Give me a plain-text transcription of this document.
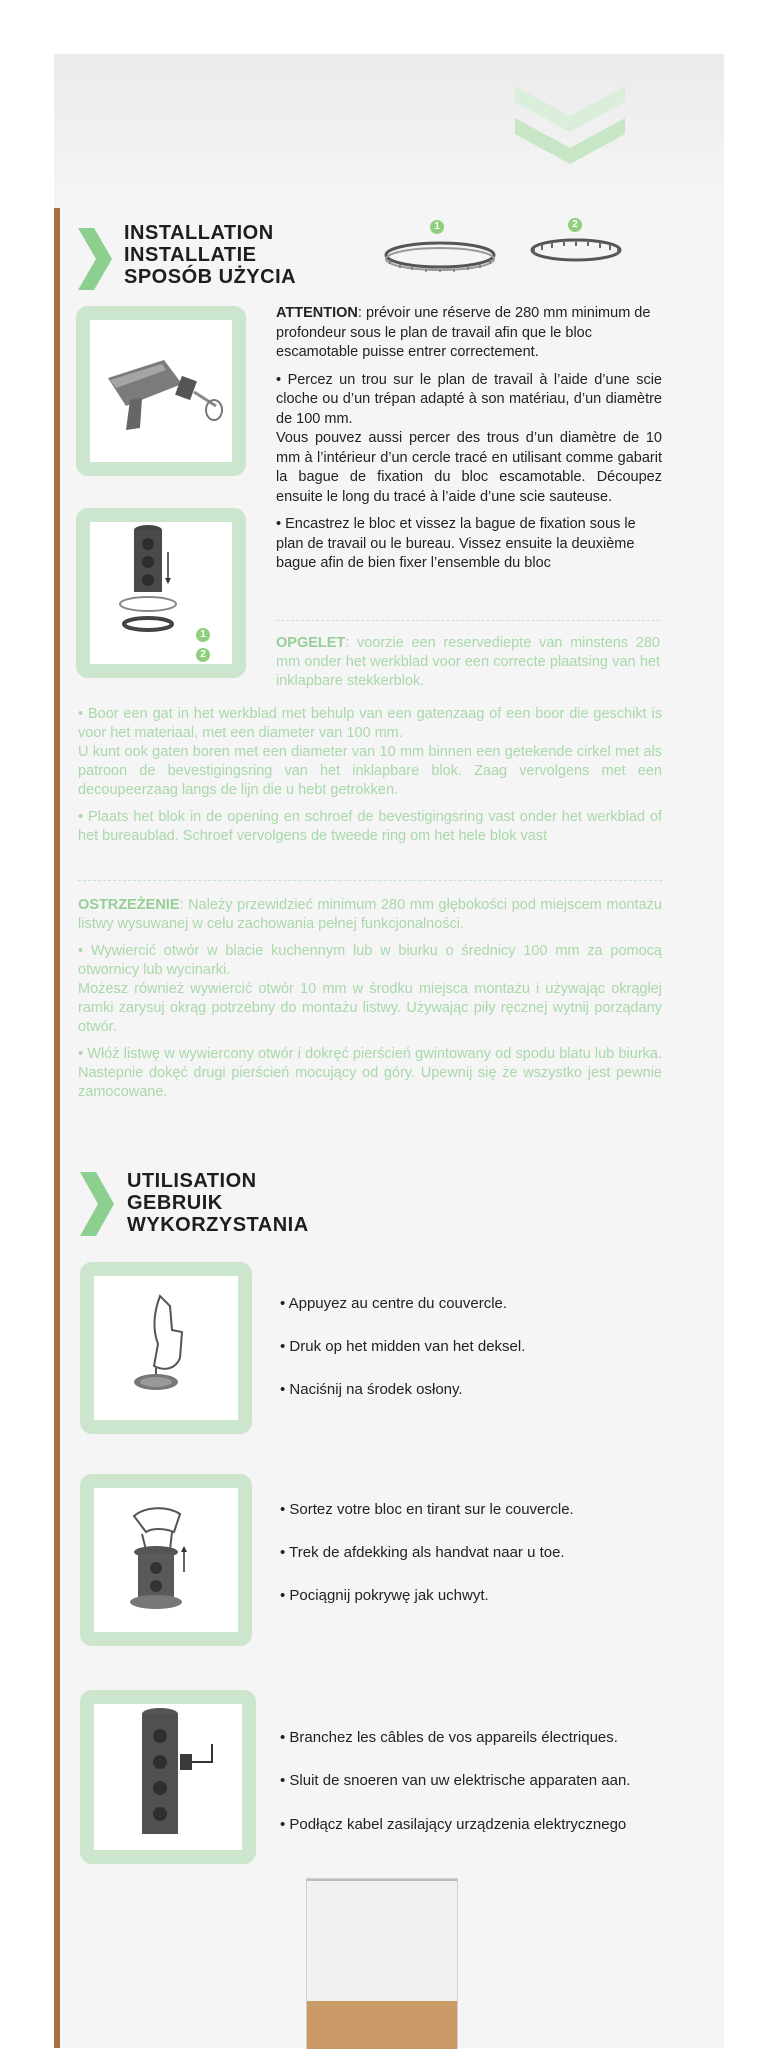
INSTALLATION
INSTALLATIE
SPOSÓB UŻYCIA
1	2

ATTENTION: prévoir une réserve de 280 mm minimum de profondeur sous le plan de travail afin que le bloc escamotable puisse entrer correctement.

• Percez un trou sur le plan de travail à l’aide d’une scie cloche ou d’un trépan adapté à son matériau, d’un diamètre de 100 mm.

Vous pouvez aussi percer des trous d’un diamètre de 10 mm à l’intérieur d’un cercle tracé en utilisant comme gabarit la bague de fixation du bloc escamotable. Découpez ensuite le long du tracé à l’aide d’une scie sauteuse.

• Encastrez le bloc et vissez la bague de fixation sous le plan de travail ou le bureau. Vissez ensuite la deuxième bague afin de bien fixer l’ensemble du bloc

1
2

OPGELET: voorzie een reservediepte van minstens 280 mm onder het werkblad voor een correcte plaatsing van het inklapbare stekkerblok.

• Boor een gat in het werkblad met behulp van een gatenzaag of een boor die geschikt is voor het materiaal, met een diameter van 100 mm.

U kunt ook gaten boren met een diameter van 10 mm binnen een getekende cirkel met als patroon de bevestigingsring van het inklapbare blok. Zaag vervolgens met een decoupeerzaag langs de lijn die u hebt getrokken.

• Plaats het blok in de opening en schroef de bevestigingsring vast onder het werkblad of het bureaublad. Schroef vervolgens de tweede ring om het hele blok vast

OSTRZEŻENIE: Należy przewidzieć minimum 280 mm głębokości pod miejscem montażu listwy wysuwanej w celu zachowania pełnej funkcjonalności.

• Wywiercić otwór w blacie kuchennym lub w biurku o średnicy 100 mm za pomocą otwornicy lub wycinarki.

Możesz również wywiercić otwór 10 mm w środku miejsca montażu i używając okrągłej ramki zarysuj okrąg potrzebny do montażu listwy. Używając piły ręcznej wytnij porządany otwór.

• Włóż listwę w wywiercony otwór i dokręć pierścień gwintowany od spodu blatu lub biurka. Nastepnie dokęć drugi pierścień mocujący od góry. Upewnij się że wszystko jest pewnie zamocowane.

UTILISATION
GEBRUIK
WYKORZYSTANIA
• Appuyez au centre du couvercle.
• Druk op het midden van het deksel.
• Naciśnij na środek osłony.
• Sortez votre bloc en tirant sur le couvercle.
• Trek de afdekking als handvat naar u toe.
• Pociągnij pokrywę jak uchwyt.
• Branchez les câbles de vos appareils électriques.
• Sluit de snoeren van uw elektrische apparaten aan.
• Podłącz kabel zasilający urządzenia elektrycznego
